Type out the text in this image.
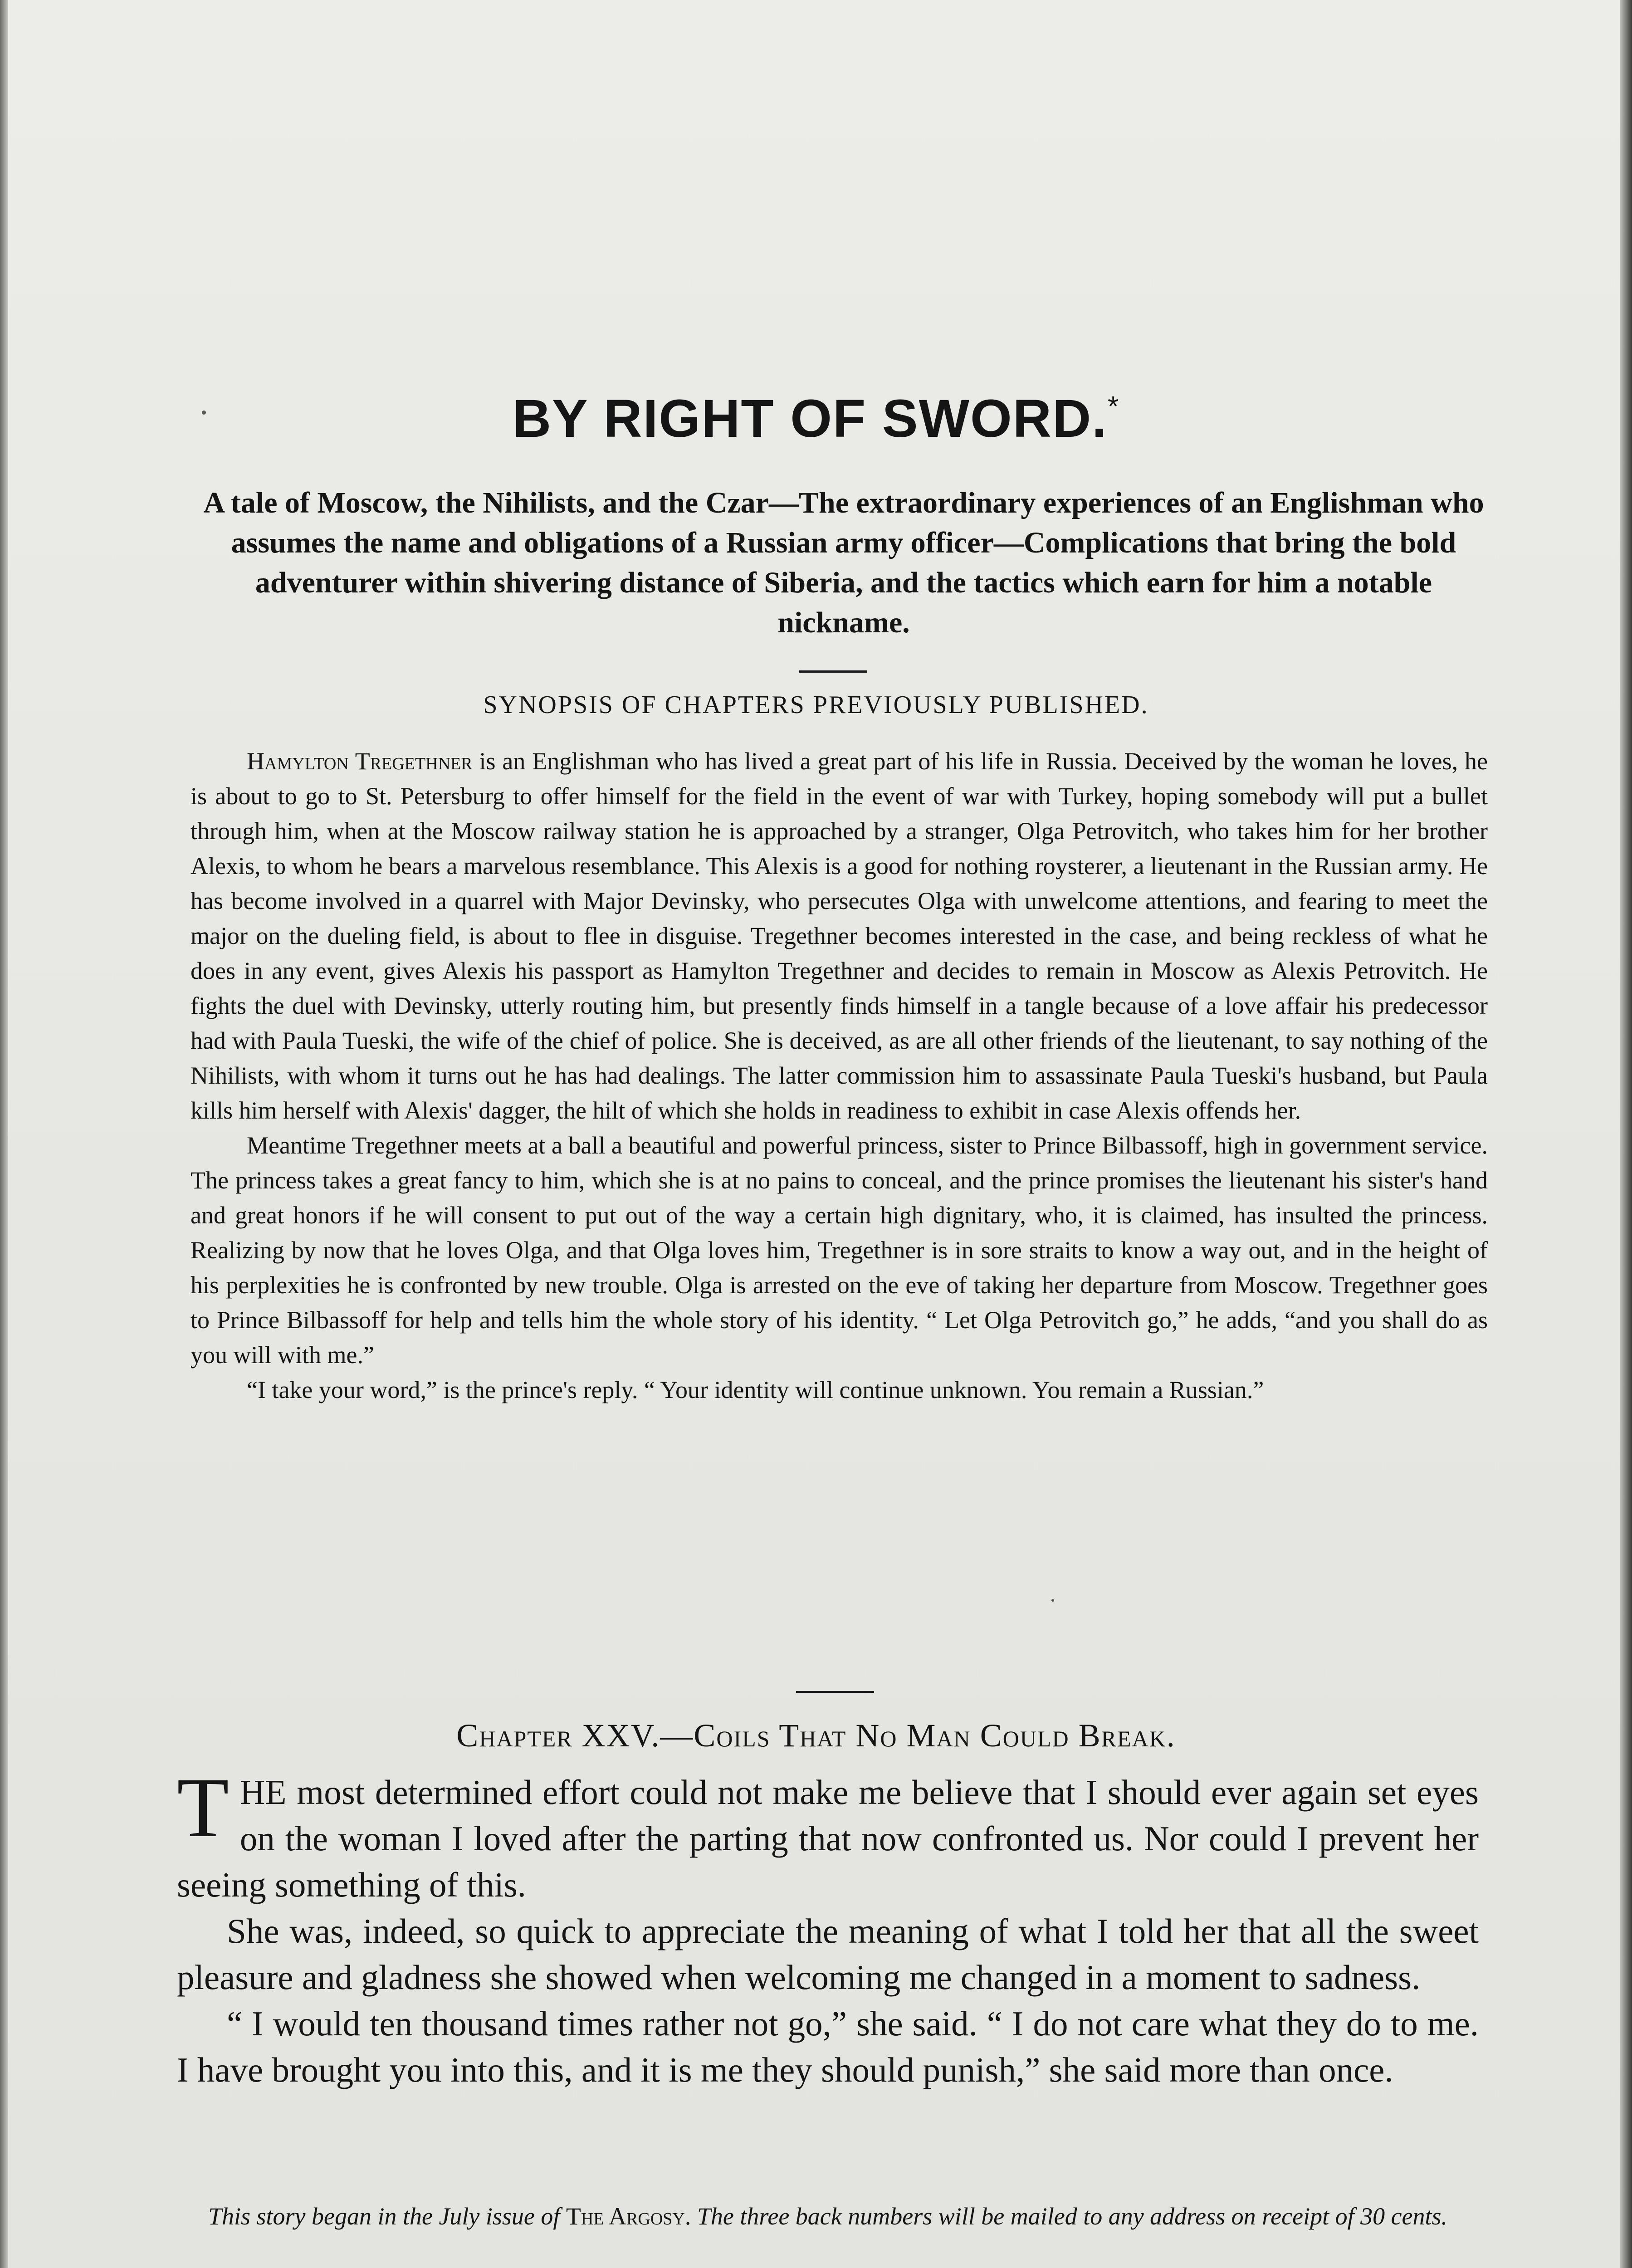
BY RIGHT OF SWORD.*
A tale of Moscow, the Nihilists, and the Czar—The extraordinary experiences of an Englishman who assumes the name and obligations of a Russian army officer—Complications that bring the bold adventurer within shivering distance of Siberia, and the tactics which earn for him a notable nickname.
SYNOPSIS OF CHAPTERS PREVIOUSLY PUBLISHED.

Hamylton Tregethner is an Englishman who has lived a great part of his life in Russia. Deceived by the woman he loves, he is about to go to St. Petersburg to offer himself for the field in the event of war with Turkey, hoping somebody will put a bullet through him, when at the Moscow railway station he is approached by a stranger, Olga Petrovitch, who takes him for her brother Alexis, to whom he bears a marvelous resemblance. This Alexis is a good for nothing roysterer, a lieutenant in the Russian army. He has become involved in a quarrel with Major Devinsky, who persecutes Olga with unwelcome attentions, and fearing to meet the major on the dueling field, is about to flee in disguise. Tregethner becomes interested in the case, and being reckless of what he does in any event, gives Alexis his passport as Hamylton Tregethner and decides to remain in Moscow as Alexis Petrovitch. He fights the duel with Devinsky, utterly routing him, but presently finds himself in a tangle because of a love affair his predecessor had with Paula Tueski, the wife of the chief of police. She is deceived, as are all other friends of the lieutenant, to say nothing of the Nihilists, with whom it turns out he has had dealings. The latter commission him to assassinate Paula Tueski's husband, but Paula kills him herself with Alexis' dagger, the hilt of which she holds in readiness to exhibit in case Alexis offends her.

Meantime Tregethner meets at a ball a beautiful and powerful princess, sister to Prince Bilbassoff, high in government service. The princess takes a great fancy to him, which she is at no pains to conceal, and the prince promises the lieutenant his sister's hand and great honors if he will consent to put out of the way a certain high dignitary, who, it is claimed, has insulted the princess. Realizing by now that he loves Olga, and that Olga loves him, Tregethner is in sore straits to know a way out, and in the height of his perplexities he is confronted by new trouble. Olga is arrested on the eve of taking her departure from Moscow. Tregethner goes to Prince Bilbassoff for help and tells him the whole story of his identity. “ Let Olga Petrovitch go,” he adds, “and you shall do as you will with me.”

“I take your word,” is the prince's reply. “ Your identity will continue unknown. You remain a Russian.”

Chapter XXV.—Coils That No Man Could Break.

THE most determined effort could not make me believe that I should ever again set eyes on the woman I loved after the parting that now confronted us. Nor could I prevent her seeing something of this.

She was, indeed, so quick to appreciate the meaning of what I told her that all the sweet pleasure and gladness she showed when welcoming me changed in a moment to sadness.

“ I would ten thousand times rather not go,” she said. “ I do not care what they do to me. I have brought you into this, and it is me they should punish,” she said more than once.

This story began in the July issue of The Argosy. The three back numbers will be mailed to any address on receipt of 30 cents.
